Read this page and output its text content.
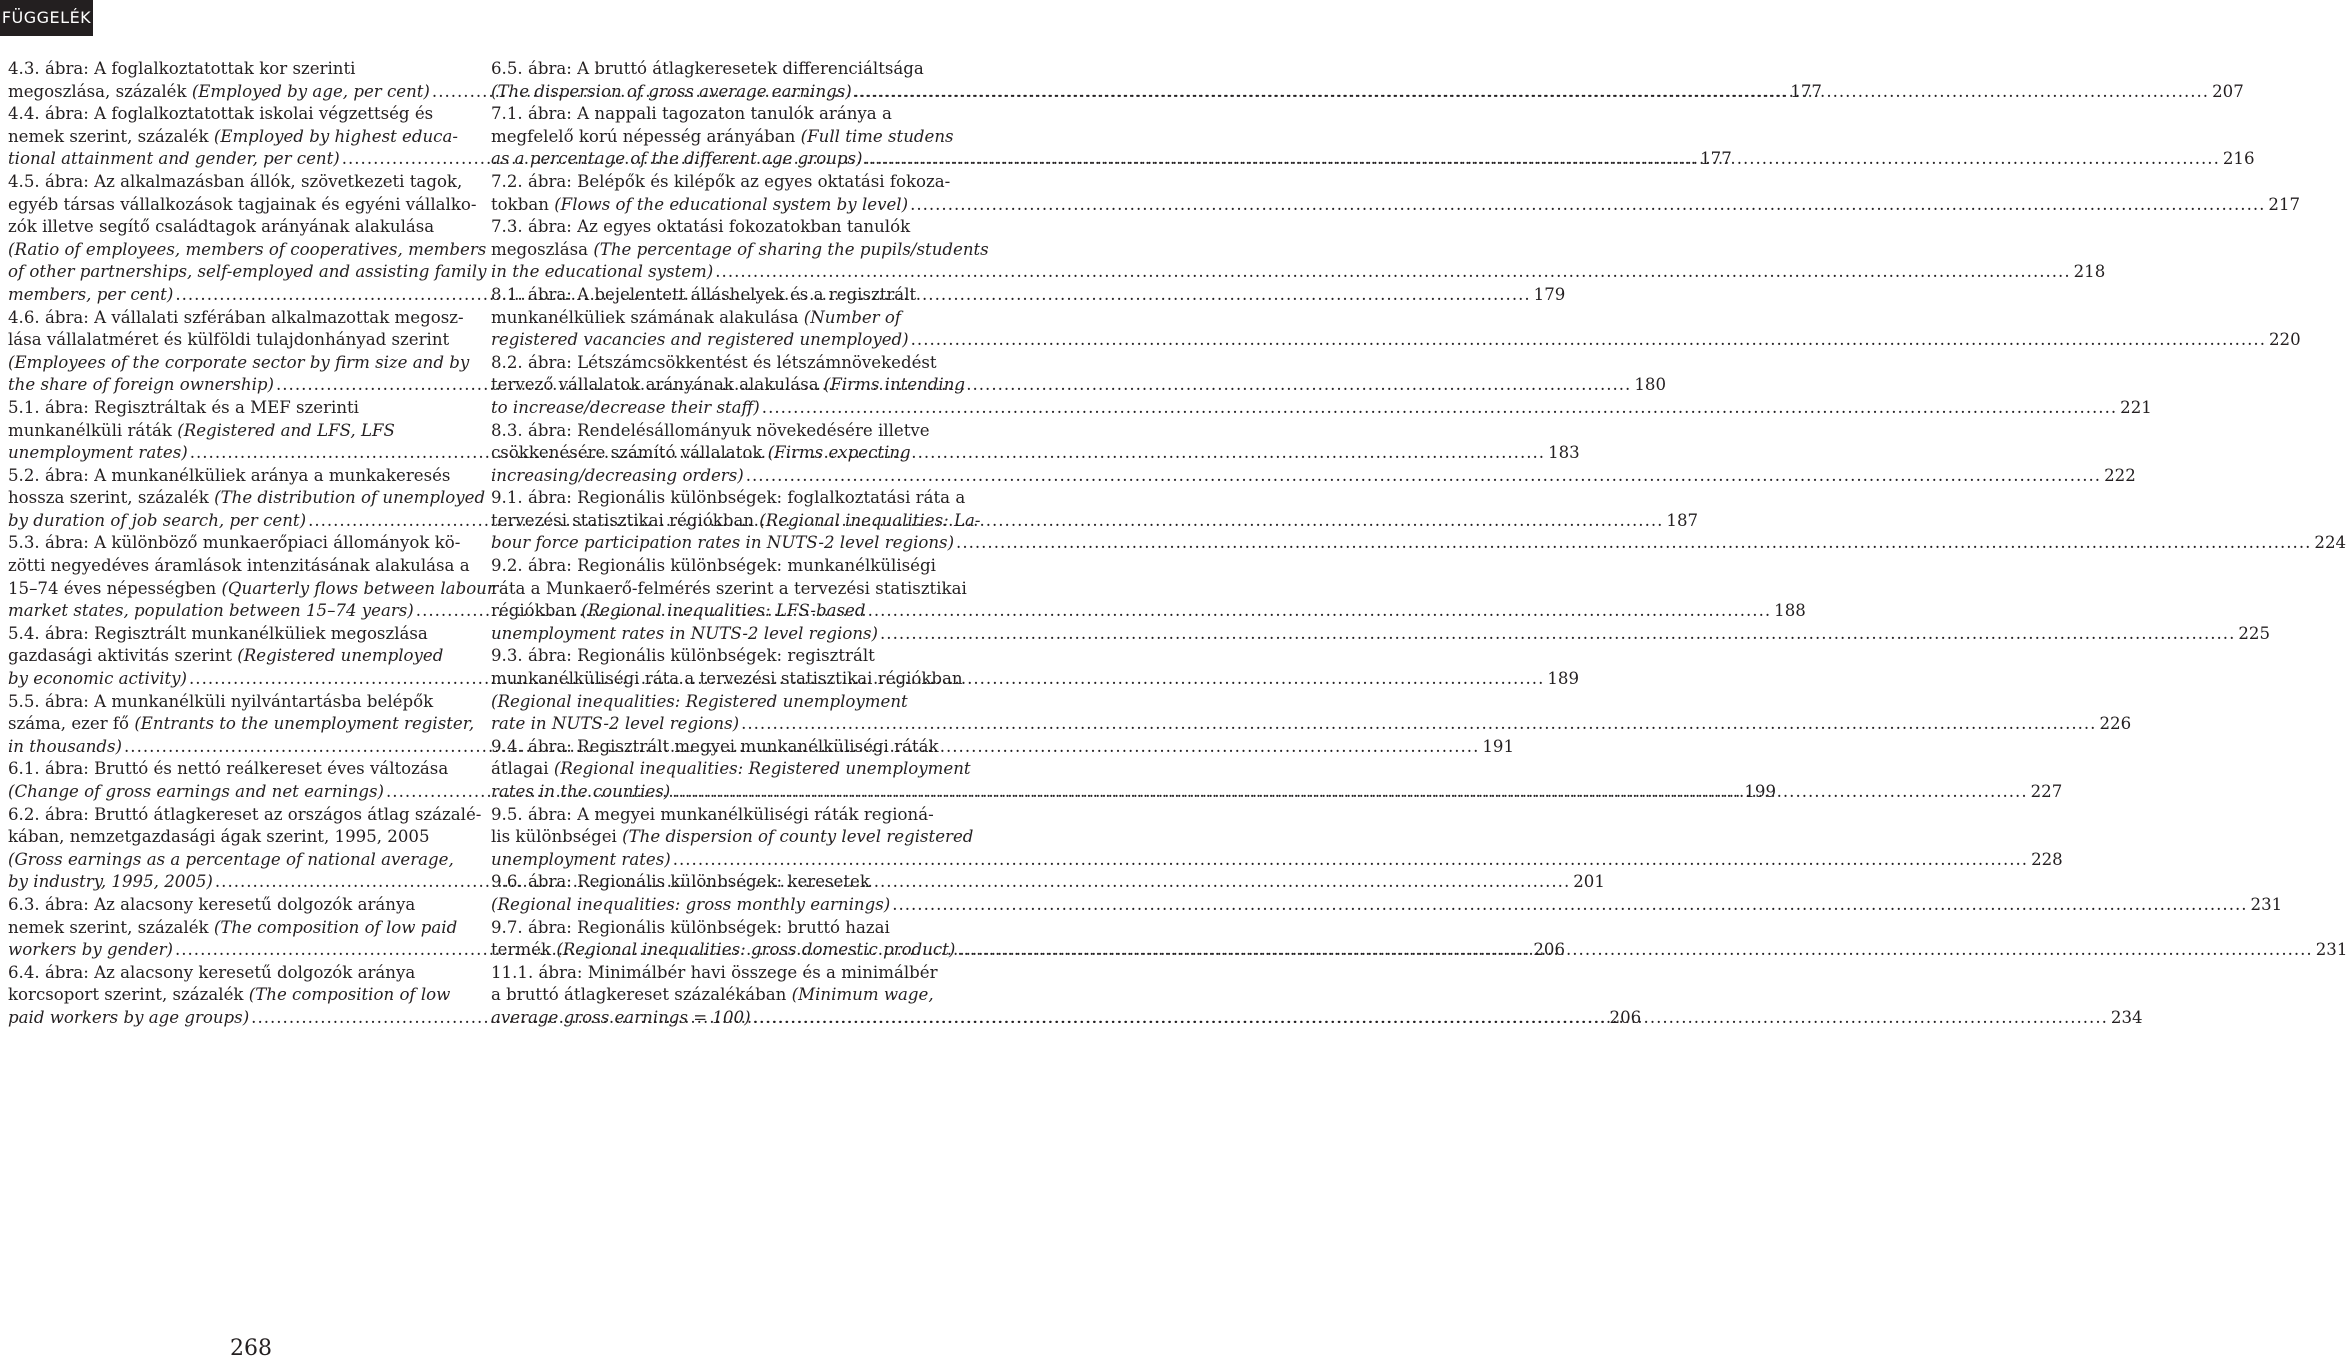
FÜGGELÉK
4.3. ábra: A foglalkoztatottak kor szerinti
megoszlása, százalék (Employed by age, per cent) .....	177
4.4. ábra: A foglalkoztatottak iskolai végzettség és
nemek szerint, százalék (Employed by highest educa-
tional attainment and gender, per cent) .....	177
4.5. ábra: Az alkalmazásban állók, szövetkezeti tagok,
egyéb társas vállalkozások tagjainak és egyéni vállalko-
zók illetve segítő családtagok arányának alakulása
(Ratio of employees, members of cooperatives, members
of other partnerships, self-employed and assisting family
members, per cent) .....	179
4.6. ábra: A vállalati szférában alkalmazottak megosz-
lása vállalatméret és külföldi tulajdonhányad szerint
(Employees of the corporate sector by firm size and by
the share of foreign ownership) .....	180
5.1. ábra: Regisztráltak és a MEF szerinti
munkanélküli ráták (Registered and LFS, LFS
unemployment rates) .....	183
5.2. ábra: A munkanélküliek aránya a munkakeresés
hossza szerint, százalék (The distribution of unemployed
by duration of job search, per cent) .....	187
5.3. ábra: A különböző munkaerőpiaci állományok kö-
zötti negyedéves áramlások intenzitásának alakulása a
15–74 éves népességben (Quarterly flows between labour
market states, population between 15–74 years) .....	188
5.4. ábra: Regisztrált munkanélküliek megoszlása
gazdasági aktivitás szerint (Registered unemployed
by economic activity) .....	189
5.5. ábra: A munkanélküli nyilvántartásba belépők
száma, ezer fő (Entrants to the unemployment register,
in thousands) .....	191
6.1. ábra: Bruttó és nettó reálkereset éves változása
(Change of gross earnings and net earnings) .....	199
6.2. ábra: Bruttó átlagkereset az országos átlag százalé-
kában, nemzetgazdasági ágak szerint, 1995, 2005
(Gross earnings as a percentage of national average,
by industry, 1995, 2005) .....	201
6.3. ábra: Az alacsony keresetű dolgozók aránya
nemek szerint, százalék (The composition of low paid
workers by gender) .....	206
6.4. ábra: Az alacsony keresetű dolgozók aránya
korcsoport szerint, százalék (The composition of low
paid workers by age groups) .....	206
6.5. ábra: A bruttó átlagkeresetek differenciáltsága
(The dispersion of gross average earnings) .....	207
7.1. ábra: A nappali tagozaton tanulók aránya a
megfelelő korú népesség arányában (Full time studens
as a percentage of the different age groups) .....	216
7.2. ábra: Belépők és kilépők az egyes oktatási fokoza-
tokban (Flows of the educational system by level) .....	217
7.3. ábra: Az egyes oktatási fokozatokban tanulók
megoszlása (The percentage of sharing the pupils/students
in the educational system) .....	218
8.1. ábra: A bejelentett álláshelyek és a regisztrált
munkanélküliek számának alakulása (Number of
registered vacancies and registered unemployed) .....	220
8.2. ábra: Létszámcsökkentést és létszámnövekedést
tervező vállalatok arányának alakulása (Firms intending
to increase/decrease their staff) .....	221
8.3. ábra: Rendelésállományuk növekedésére illetve
csökkenésére számító vállalatok (Firms expecting
increasing/decreasing orders) .....	222
9.1. ábra: Regionális különbségek: foglalkoztatási ráta a
tervezési statisztikai régiókban (Regional inequalities: La-
bour force participation rates in NUTS-2 level regions) .....	224
9.2. ábra: Regionális különbségek: munkanélküliségi
ráta a Munkaerő-felmérés szerint a tervezési statisztikai
régiókban (Regional inequalities: LFS-based
unemployment rates in NUTS-2 level regions) .....	225
9.3. ábra: Regionális különbségek: regisztrált
munkanélküliségi ráta a tervezési statisztikai régiókban
(Regional inequalities: Registered unemployment
rate in NUTS-2 level regions) .....	226
9.4. ábra: Regisztrált megyei munkanélküliségi ráták
átlagai (Regional inequalities: Registered unemployment
rates in the counties) .....	227
9.5. ábra: A megyei munkanélküliségi ráták regioná-
lis különbségei (The dispersion of county level registered
unemployment rates) .....	228
9.6. ábra: Regionális különbségek: keresetek
(Regional inequalities: gross monthly earnings) .....	231
9.7. ábra: Regionális különbségek: bruttó hazai
termék (Regional inequalities: gross domestic product) .....	231
11.1. ábra: Minimálbér havi összege és a minimálbér
a bruttó átlagkereset százalékában (Minimum wage,
average gross earnings = 100) .....	234
268
